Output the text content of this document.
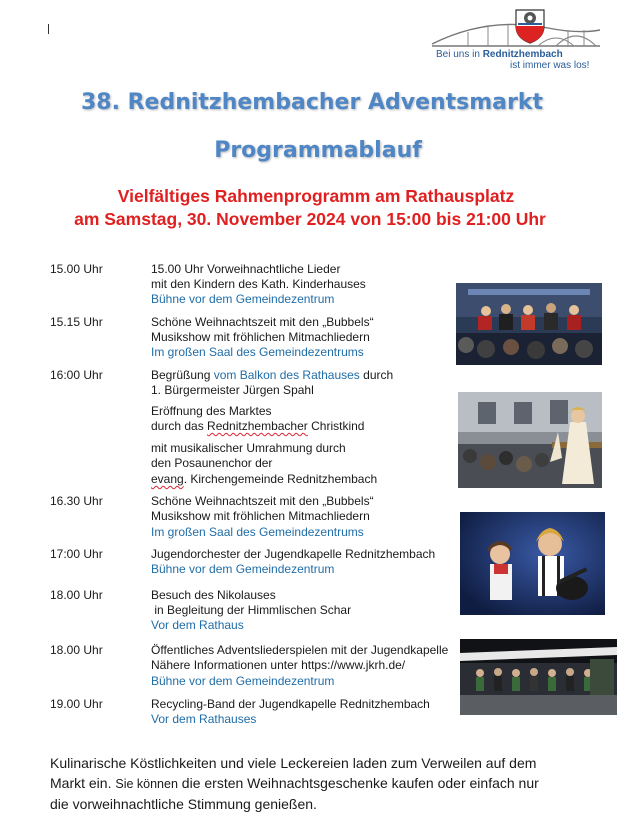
Bei uns in Rednitzhembach
ist immer was los!
38. Rednitzhembacher Adventsmarkt
Programmablauf
Vielfältiges Rahmenprogramm am Rathausplatz
am Samstag, 30. November 2024 von 15:00 bis 21:00 Uhr
15.00 Uhr	15.00 Uhr Vorweihnachtliche Lieder
mit den Kindern des Kath. Kinderhauses
Bühne vor dem Gemeindezentrum
15.15 Uhr	Schöne Weihnachtszeit mit den „Bubbels“
Musikshow mit fröhlichen Mitmachliedern
Im großen Saal des Gemeindezentrums
16:00 Uhr	Begrüßung vom Balkon des Rathauses durch
1. Bürgermeister Jürgen Spahl
Eröffnung des Marktes
durch das Rednitzhembacher Christkind
mit musikalischer Umrahmung durch
den Posaunenchor der
evang. Kirchengemeinde Rednitzhembach
16.30 Uhr	Schöne Weihnachtszeit mit den „Bubbels“
Musikshow mit fröhlichen Mitmachliedern
Im großen Saal des Gemeindezentrums
17:00 Uhr	Jugendorchester der Jugendkapelle Rednitzhembach
Bühne vor dem Gemeindezentrum
18.00 Uhr	Besuch des Nikolauses
in Begleitung der Himmlischen Schar
Vor dem Rathaus
18.00 Uhr	Öffentliches Adventsliederspielen mit der Jugendkapelle
Nähere Informationen unter https://www.jkrh.de/
Bühne vor dem Gemeindezentrum
19.00 Uhr	Recycling-Band der Jugendkapelle Rednitzhembach
Vor dem Rathauses
Kulinarische Köstlichkeiten und viele Leckereien laden zum Verweilen auf dem
Markt ein. Sie können die ersten Weihnachtsgeschenke kaufen oder einfach nur
die vorweihnachtliche Stimmung genießen.
